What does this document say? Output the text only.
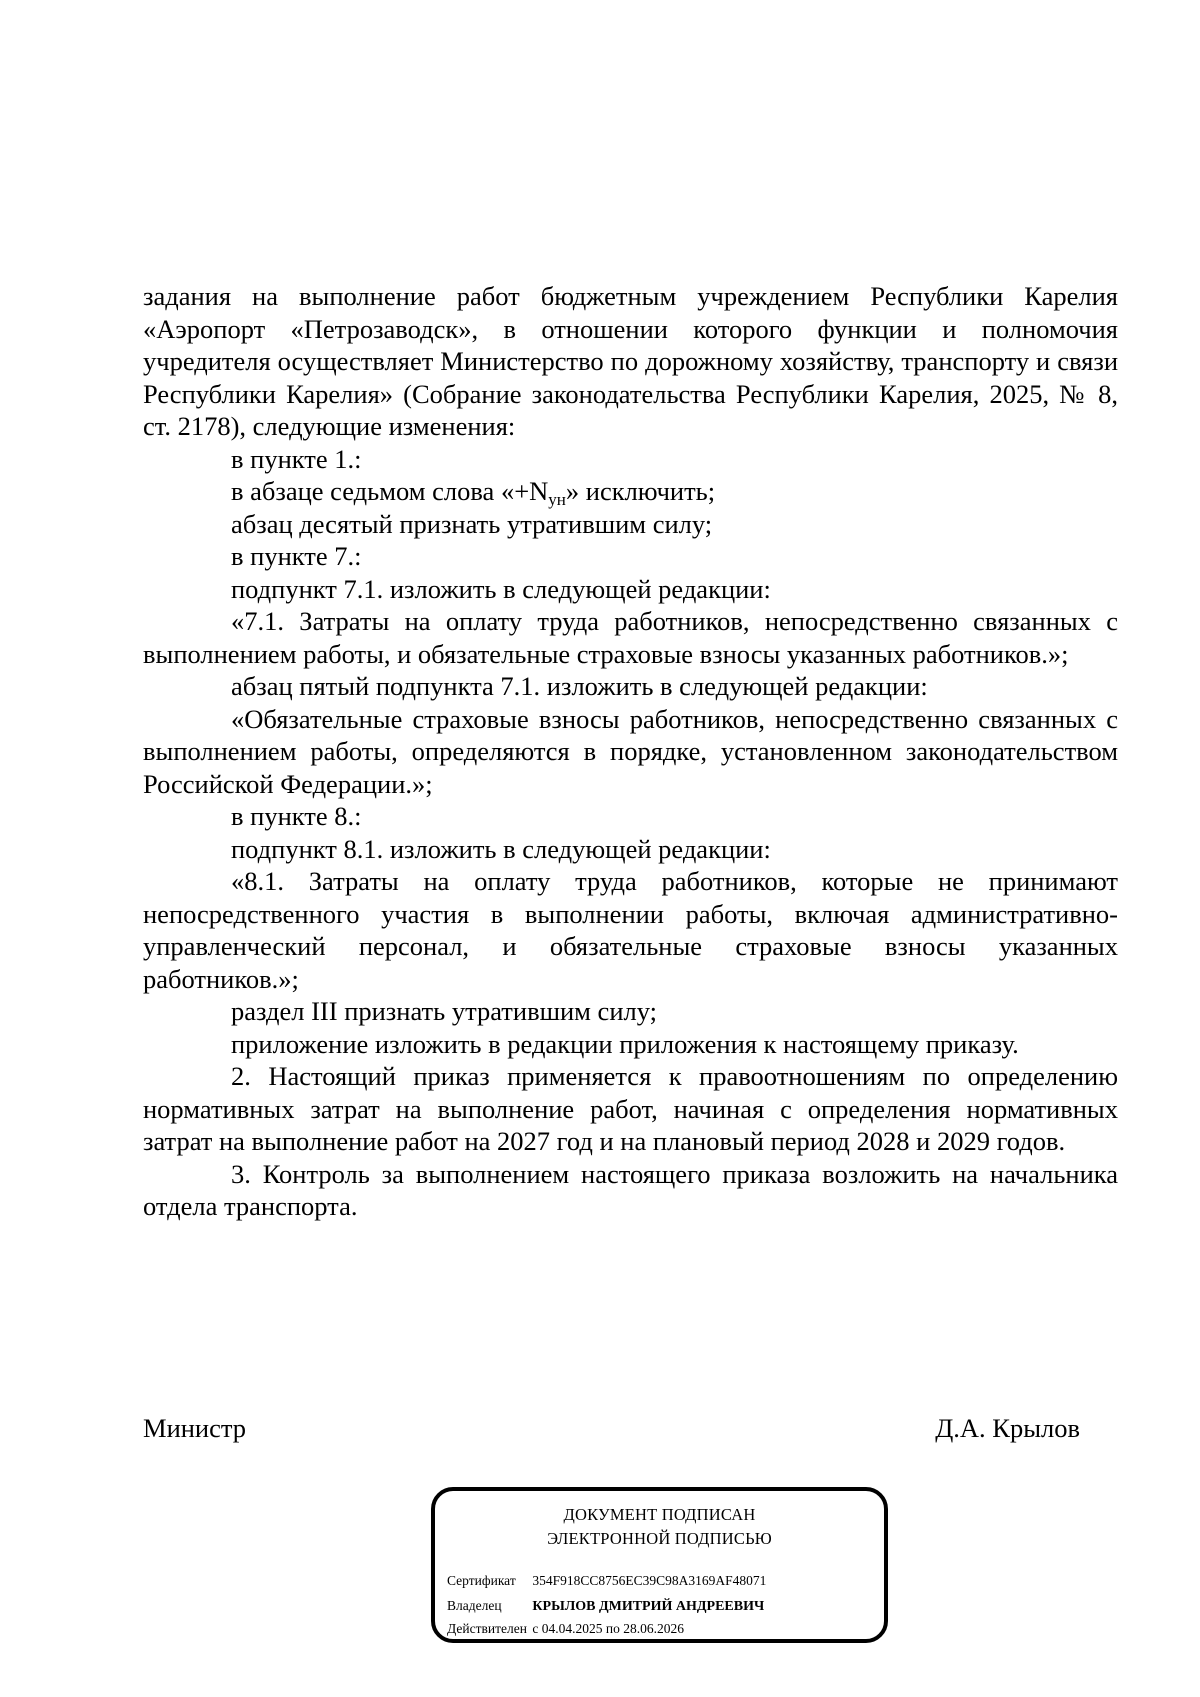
задания на выполнение работ бюджетным учреждением Республики Карелия «Аэропорт «Петрозаводск», в отношении которого функции и полномочия учредителя осуществляет Министерство по дорожному хозяйству, транспорту и связи Республики Карелия» (Собрание законодательства Республики Карелия, 2025, № 8, ст. 2178), следующие изменения:

в пункте 1.:

в абзаце седьмом слова «$+N_{ун}$» исключить;

абзац десятый признать утратившим силу;

в пункте 7.:

подпункт 7.1. изложить в следующей редакции:

«7.1. Затраты на оплату труда работников, непосредственно связанных с выполнением работы, и обязательные страховые взносы указанных работников.»;

абзац пятый подпункта 7.1. изложить в следующей редакции:

«Обязательные страховые взносы работников, непосредственно связанных с выполнением работы, определяются в порядке, установленном законодательством Российской Федерации.»;

в пункте 8.:

подпункт 8.1. изложить в следующей редакции:

«8.1. Затраты на оплату труда работников, которые не принимают непосредственного участия в выполнении работы, включая административно-управленческий персонал, и обязательные страховые взносы указанных работников.»;

раздел III признать утратившим силу;

приложение изложить в редакции приложения к настоящему приказу.

2. Настоящий приказ применяется к правоотношениям по определению нормативных затрат на выполнение работ, начиная с определения нормативных затрат на выполнение работ на 2027 год и на плановый период 2028 и 2029 годов.

3. Контроль за выполнением настоящего приказа возложить на начальника отдела транспорта.

Министр	Д.А. Крылов
ДОКУМЕНТ ПОДПИСАН
ЭЛЕКТРОННОЙ ПОДПИСЬЮ
Сертификат 354F918CC8756EC39C98A3169AF48071
Владелец КРЫЛОВ ДМИТРИЙ АНДРЕЕВИЧ
Действителен с 04.04.2025 по 28.06.2026
